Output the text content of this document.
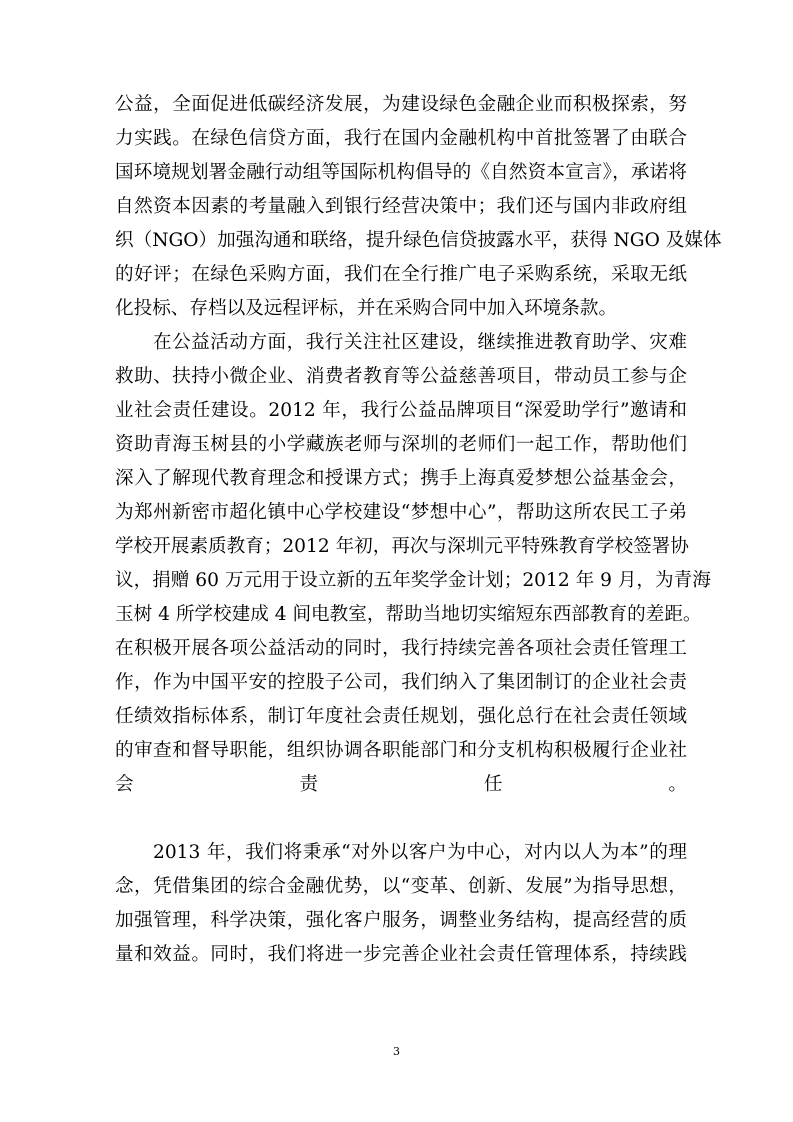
公益，全面促进低碳经济发展，为建设绿色金融企业而积极探索，努
力实践。在绿色信贷方面，我行在国内金融机构中首批签署了由联合
国环境规划署金融行动组等国际机构倡导的《自然资本宣言》，承诺将
自然资本因素的考量融入到银行经营决策中；我们还与国内非政府组
织（NGO）加强沟通和联络，提升绿色信贷披露水平，获得 NGO 及媒体
的好评；在绿色采购方面，我们在全行推广电子采购系统，采取无纸
化投标、存档以及远程评标，并在采购合同中加入环境条款。
在公益活动方面，我行关注社区建设，继续推进教育助学、灾难
救助、扶持小微企业、消费者教育等公益慈善项目，带动员工参与企
业社会责任建设。2012 年，我行公益品牌项目“深爱助学行”邀请和
资助青海玉树县的小学藏族老师与深圳的老师们一起工作，帮助他们
深入了解现代教育理念和授课方式；携手上海真爱梦想公益基金会，
为郑州新密市超化镇中心学校建设“梦想中心”，帮助这所农民工子弟
学校开展素质教育；2012 年初，再次与深圳元平特殊教育学校签署协
议，捐赠 60 万元用于设立新的五年奖学金计划；2012 年 9 月，为青海
玉树 4 所学校建成 4 间电教室，帮助当地切实缩短东西部教育的差距。
在积极开展各项公益活动的同时，我行持续完善各项社会责任管理工
作，作为中国平安的控股子公司，我们纳入了集团制订的企业社会责
任绩效指标体系，制订年度社会责任规划，强化总行在社会责任领域
的审查和督导职能，组织协调各职能部门和分支机构积极履行企业社
会责任。
2013 年，我们将秉承“对外以客户为中心，对内以人为本”的理
念，凭借集团的综合金融优势，以“变革、创新、发展”为指导思想，
加强管理，科学决策，强化客户服务，调整业务结构，提高经营的质
量和效益。同时，我们将进一步完善企业社会责任管理体系，持续践
3
